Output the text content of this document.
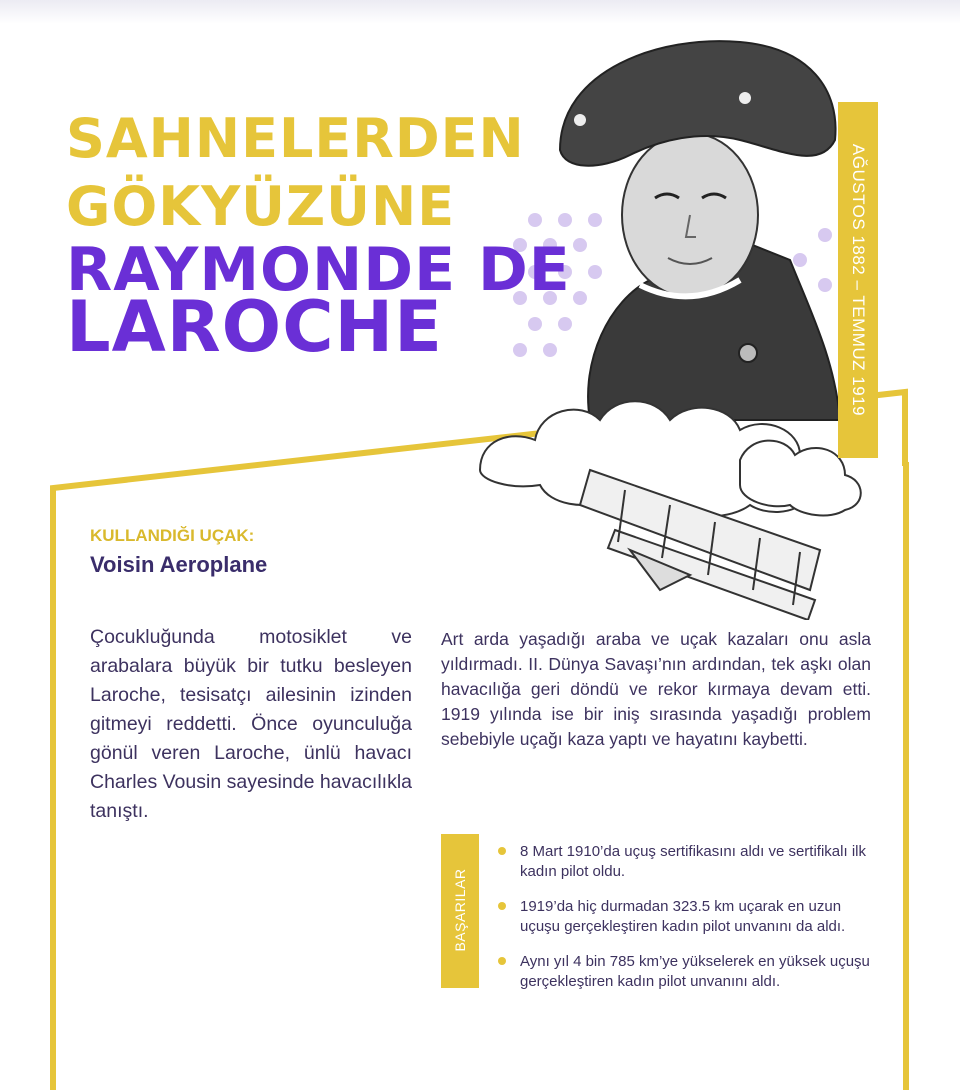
SAHNELERDEN
GÖKYÜZÜNE
RAYMONDE DE
LAROCHE	AĞUSTOS 1882 – TEMMUZ 1919
KULLANDIĞI UÇAK:
Voisin Aeroplane
Çocukluğunda motosiklet ve arabalara büyük bir tutku besleyen Laroche, tesisatçı ailesinin izinden gitmeyi reddetti. Önce oyunculuğa gönül veren Laroche, ünlü havacı Charles Vousin sayesinde havacılıkla tanıştı.
Art arda yaşadığı araba ve uçak kazaları onu asla yıldırmadı. II. Dünya Savaşı’nın ardından, tek aşkı olan havacılığa geri döndü ve rekor kırmaya devam etti. 1919 yılında ise bir iniş sırasında yaşadığı problem sebebiyle uçağı kaza yaptı ve hayatını kaybetti.
BAŞARILAR
8 Mart 1910’da uçuş sertifikasını aldı ve sertifikalı ilk kadın pilot oldu.
1919’da hiç durmadan 323.5 km uçarak en uzun uçuşu gerçekleştiren kadın pilot unvanını da aldı.
Aynı yıl 4 bin 785 km’ye yükselerek en yüksek uçuşu gerçekleştiren kadın pilot unvanını aldı.
